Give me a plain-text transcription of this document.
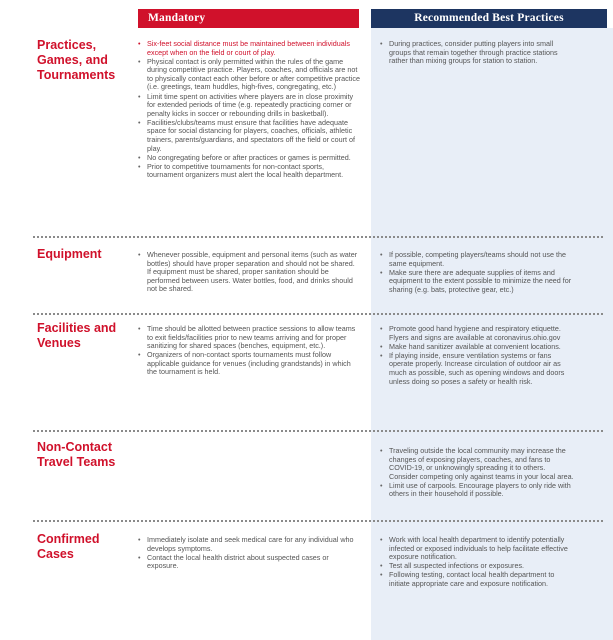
Mandatory	Recommended Best Practices
Practices, Games, and Tournaments
• Six-feet social distance must be maintained between individuals except when on the field or court of play.
• Physical contact is only permitted within the rules of the game during competitive practice. Players, coaches, and officials are not to physically contact each other before or after competitive practice (i.e. greetings, team huddles, high-fives, congregating, etc.)
• Limit time spent on activities where players are in close proximity for extended periods of time (e.g. repeatedly practicing corner or penalty kicks in soccer or rebounding drills in basketball).
• Facilities/clubs/teams must ensure that facilities have adequate space for social distancing for players, coaches, officials, athletic trainers, parents/guardians, and spectators off the field or court of play.
• No congregating before or after practices or games is permitted.
• Prior to competitive tournaments for non-contact sports, tournament organizers must alert the local health department.
• During practices, consider putting players into small groups that remain together through practice stations rather than mixing groups for station to station.
Equipment
•	Whenever possible, equipment and personal items (such as water bottles) should have proper separation and should not be shared. If equipment must be shared, proper sanitation should be performed between users. Water bottles, food, and drinks should not be shared.
• If possible, competing players/teams should not use the same equipment.
• Make sure there are adequate supplies of items and equipment to the extent possible to minimize the need for sharing (e.g. bats, protective gear, etc.)
Facilities and Venues
• Time should be allotted between practice sessions to allow teams to exit fields/facilities prior to new teams arriving and for proper sanitizing for shared spaces (benches, equipment, etc.).
• Organizers of non-contact sports tournaments must follow applicable guidance for venues (including grandstands) in which the tournament is held.
• Promote good hand hygiene and respiratory etiquette. Flyers and signs are available at coronavirus.ohio.gov
• Make hand sanitizer available at convenient locations.
• If playing inside, ensure ventilation systems or fans operate properly. Increase circulation of outdoor air as much as possible, such as opening windows and doors unless doing so poses a safety or health risk.
Non-Contact Travel Teams
• Traveling outside the local community may increase the changes of exposing players, coaches, and fans to COVID-19, or unknowingly spreading it to others. Consider competing only against teams in your local area.
• Limit use of carpools. Encourage players to only ride with others in their household if possible.
Confirmed Cases
• Immediately isolate and seek medical care for any individual who develops symptoms.
• Contact the local health district about suspected cases or exposure.
• Work with local health department to identify potentially infected or exposed individuals to help facilitate effective exposure notification.
• Test all suspected infections or exposures.
• Following testing, contact local health department to initiate appropriate care and exposure notification.
